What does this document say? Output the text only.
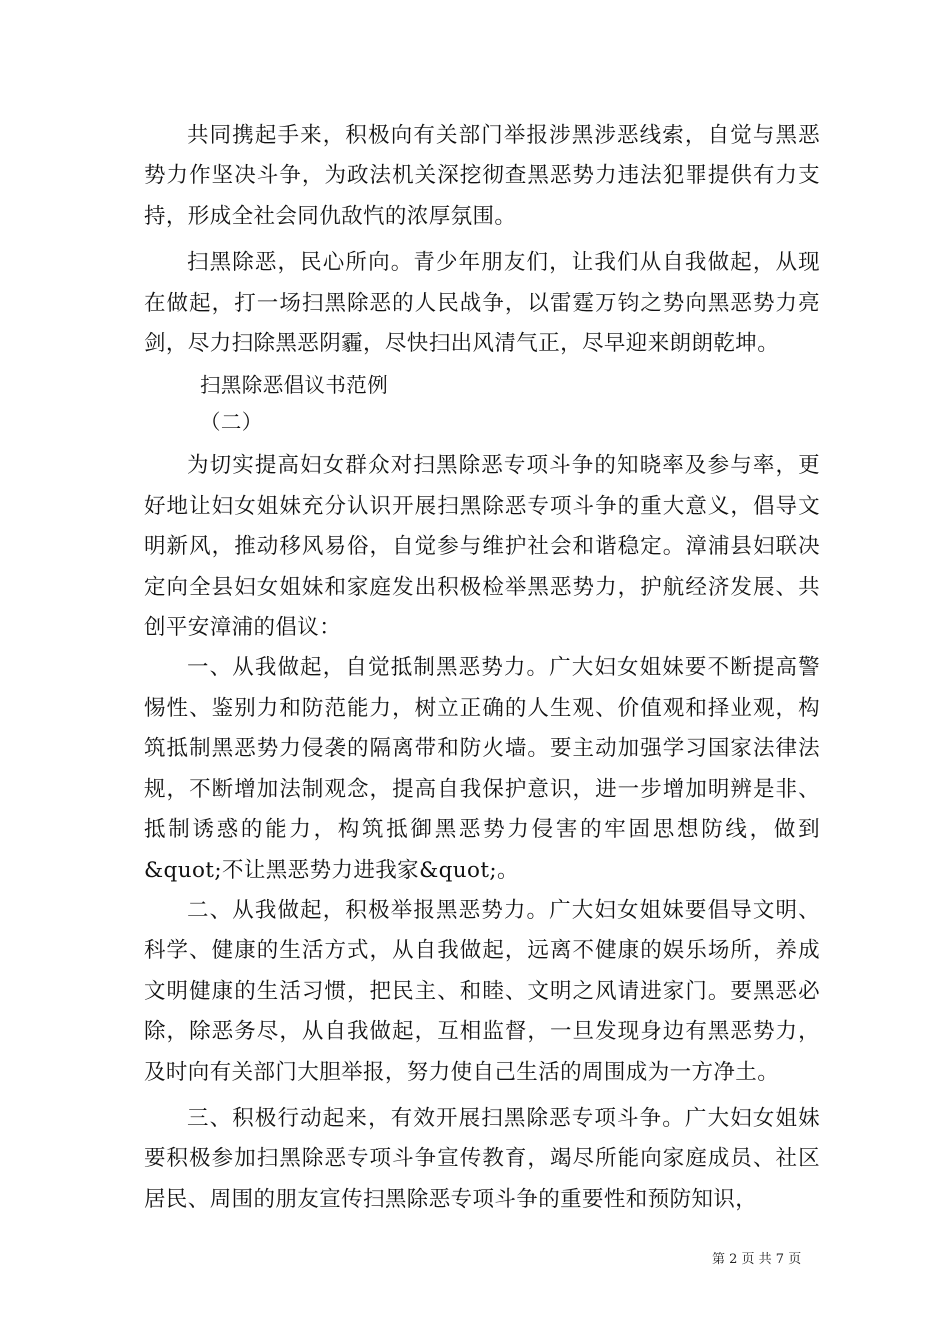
共同携起手来，积极向有关部门举报涉黑涉恶线索，自觉与黑恶势力作坚决斗争，为政法机关深挖彻查黑恶势力违法犯罪提供有力支持，形成全社会同仇敌忾的浓厚氛围。

扫黑除恶，民心所向。青少年朋友们，让我们从自我做起，从现在做起，打一场扫黑除恶的人民战争，以雷霆万钧之势向黑恶势力亮剑，尽力扫除黑恶阴霾，尽快扫出风清气正，尽早迎来朗朗乾坤。

扫黑除恶倡议书范例

（二）

为切实提高妇女群众对扫黑除恶专项斗争的知晓率及参与率，更好地让妇女姐妹充分认识开展扫黑除恶专项斗争的重大意义，倡导文明新风，推动移风易俗，自觉参与维护社会和谐稳定。漳浦县妇联决定向全县妇女姐妹和家庭发出积极检举黑恶势力，护航经济发展、共创平安漳浦的倡议：

一、从我做起，自觉抵制黑恶势力。广大妇女姐妹要不断提高警惕性、鉴别力和防范能力，树立正确的人生观、价值观和择业观，构筑抵制黑恶势力侵袭的隔离带和防火墙。要主动加强学习国家法律法规，不断增加法制观念，提高自我保护意识，进一步增加明辨是非、抵制诱惑的能力，构筑抵御黑恶势力侵害的牢固思想防线，做到&quot;不让黑恶势力进我家&quot;。

二、从我做起，积极举报黑恶势力。广大妇女姐妹要倡导文明、科学、健康的生活方式，从自我做起，远离不健康的娱乐场所，养成文明健康的生活习惯，把民主、和睦、文明之风请进家门。要黑恶必除，除恶务尽，从自我做起，互相监督，一旦发现身边有黑恶势力，及时向有关部门大胆举报，努力使自己生活的周围成为一方净土。

三、积极行动起来，有效开展扫黑除恶专项斗争。广大妇女姐妹要积极参加扫黑除恶专项斗争宣传教育，竭尽所能向家庭成员、社区居民、周围的朋友宣传扫黑除恶专项斗争的重要性和预防知识，

第 2 页 共 7 页
